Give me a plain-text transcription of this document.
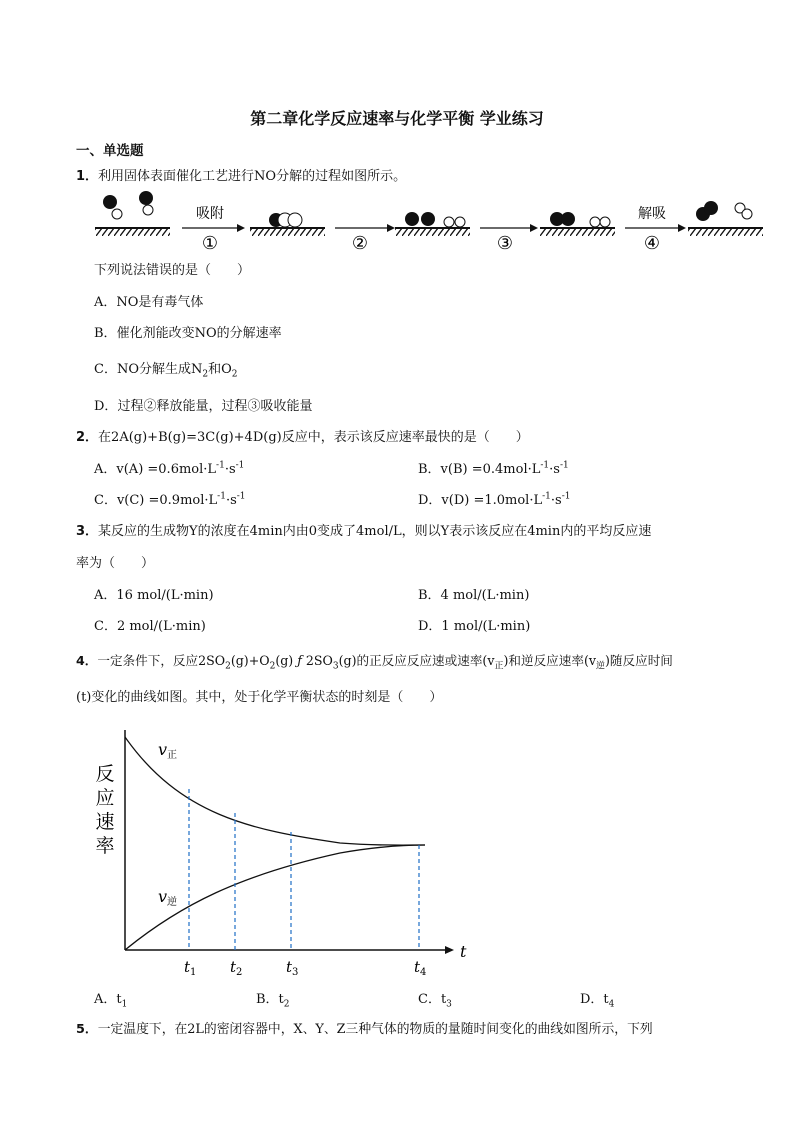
第二章化学反应速率与化学平衡 学业练习
一、单选题
1．利用固体表面催化工艺进行NO分解的过程如图所示。
吸附
①	②	③
解吸
④
下列说法错误的是（　　）
A．NO是有毒气体
B．催化剂能改变NO的分解速率
C．NO分解生成$N_2$和$O_2$
D．过程②释放能量，过程③吸收能量
2．在2A(g)+B(g)=3C(g)+4D(g)反应中，表示该反应速率最快的是（　　）
A．$v(A) =0.6mol\cdot L^{-1}\cdot s^{-1}$	B．$v(B) =0.4mol\cdot L^{-1}\cdot s^{-1}$
C．$v(C) =0.9mol\cdot L^{-1}\cdot s^{-1}$	D．$v(D) =1.0mol\cdot L^{-1}\cdot s^{-1}$
3．某反应的生成物Y的浓度在4min内由0变成了4mol/L，则以Y表示该反应在4min内的平均反应速
率为（　　）
A．16 mol/(L·min)	B．4 mol/(L·min)
C．2 mol/(L·min)	D．1 mol/(L·min)
4．一定条件下，反应$2SO_2(g)+O_2(g)$ ƒ $2SO_3(g)$的正反应反应速或速率$(v_正)$和逆反应速率$(v_逆)$随反应时间
(t)变化的曲线如图。其中，处于化学平衡状态的时刻是（　　）
反
应
速
率
t
v正
v逆
$t_1$ $t_2$	$t_3$	$t_4$
A．$t_1$	B．$t_2$	C．$t_3$	D．$t_4$
5．一定温度下，在2L的密闭容器中，X、Y、Z三种气体的物质的量随时间变化的曲线如图所示，下列
